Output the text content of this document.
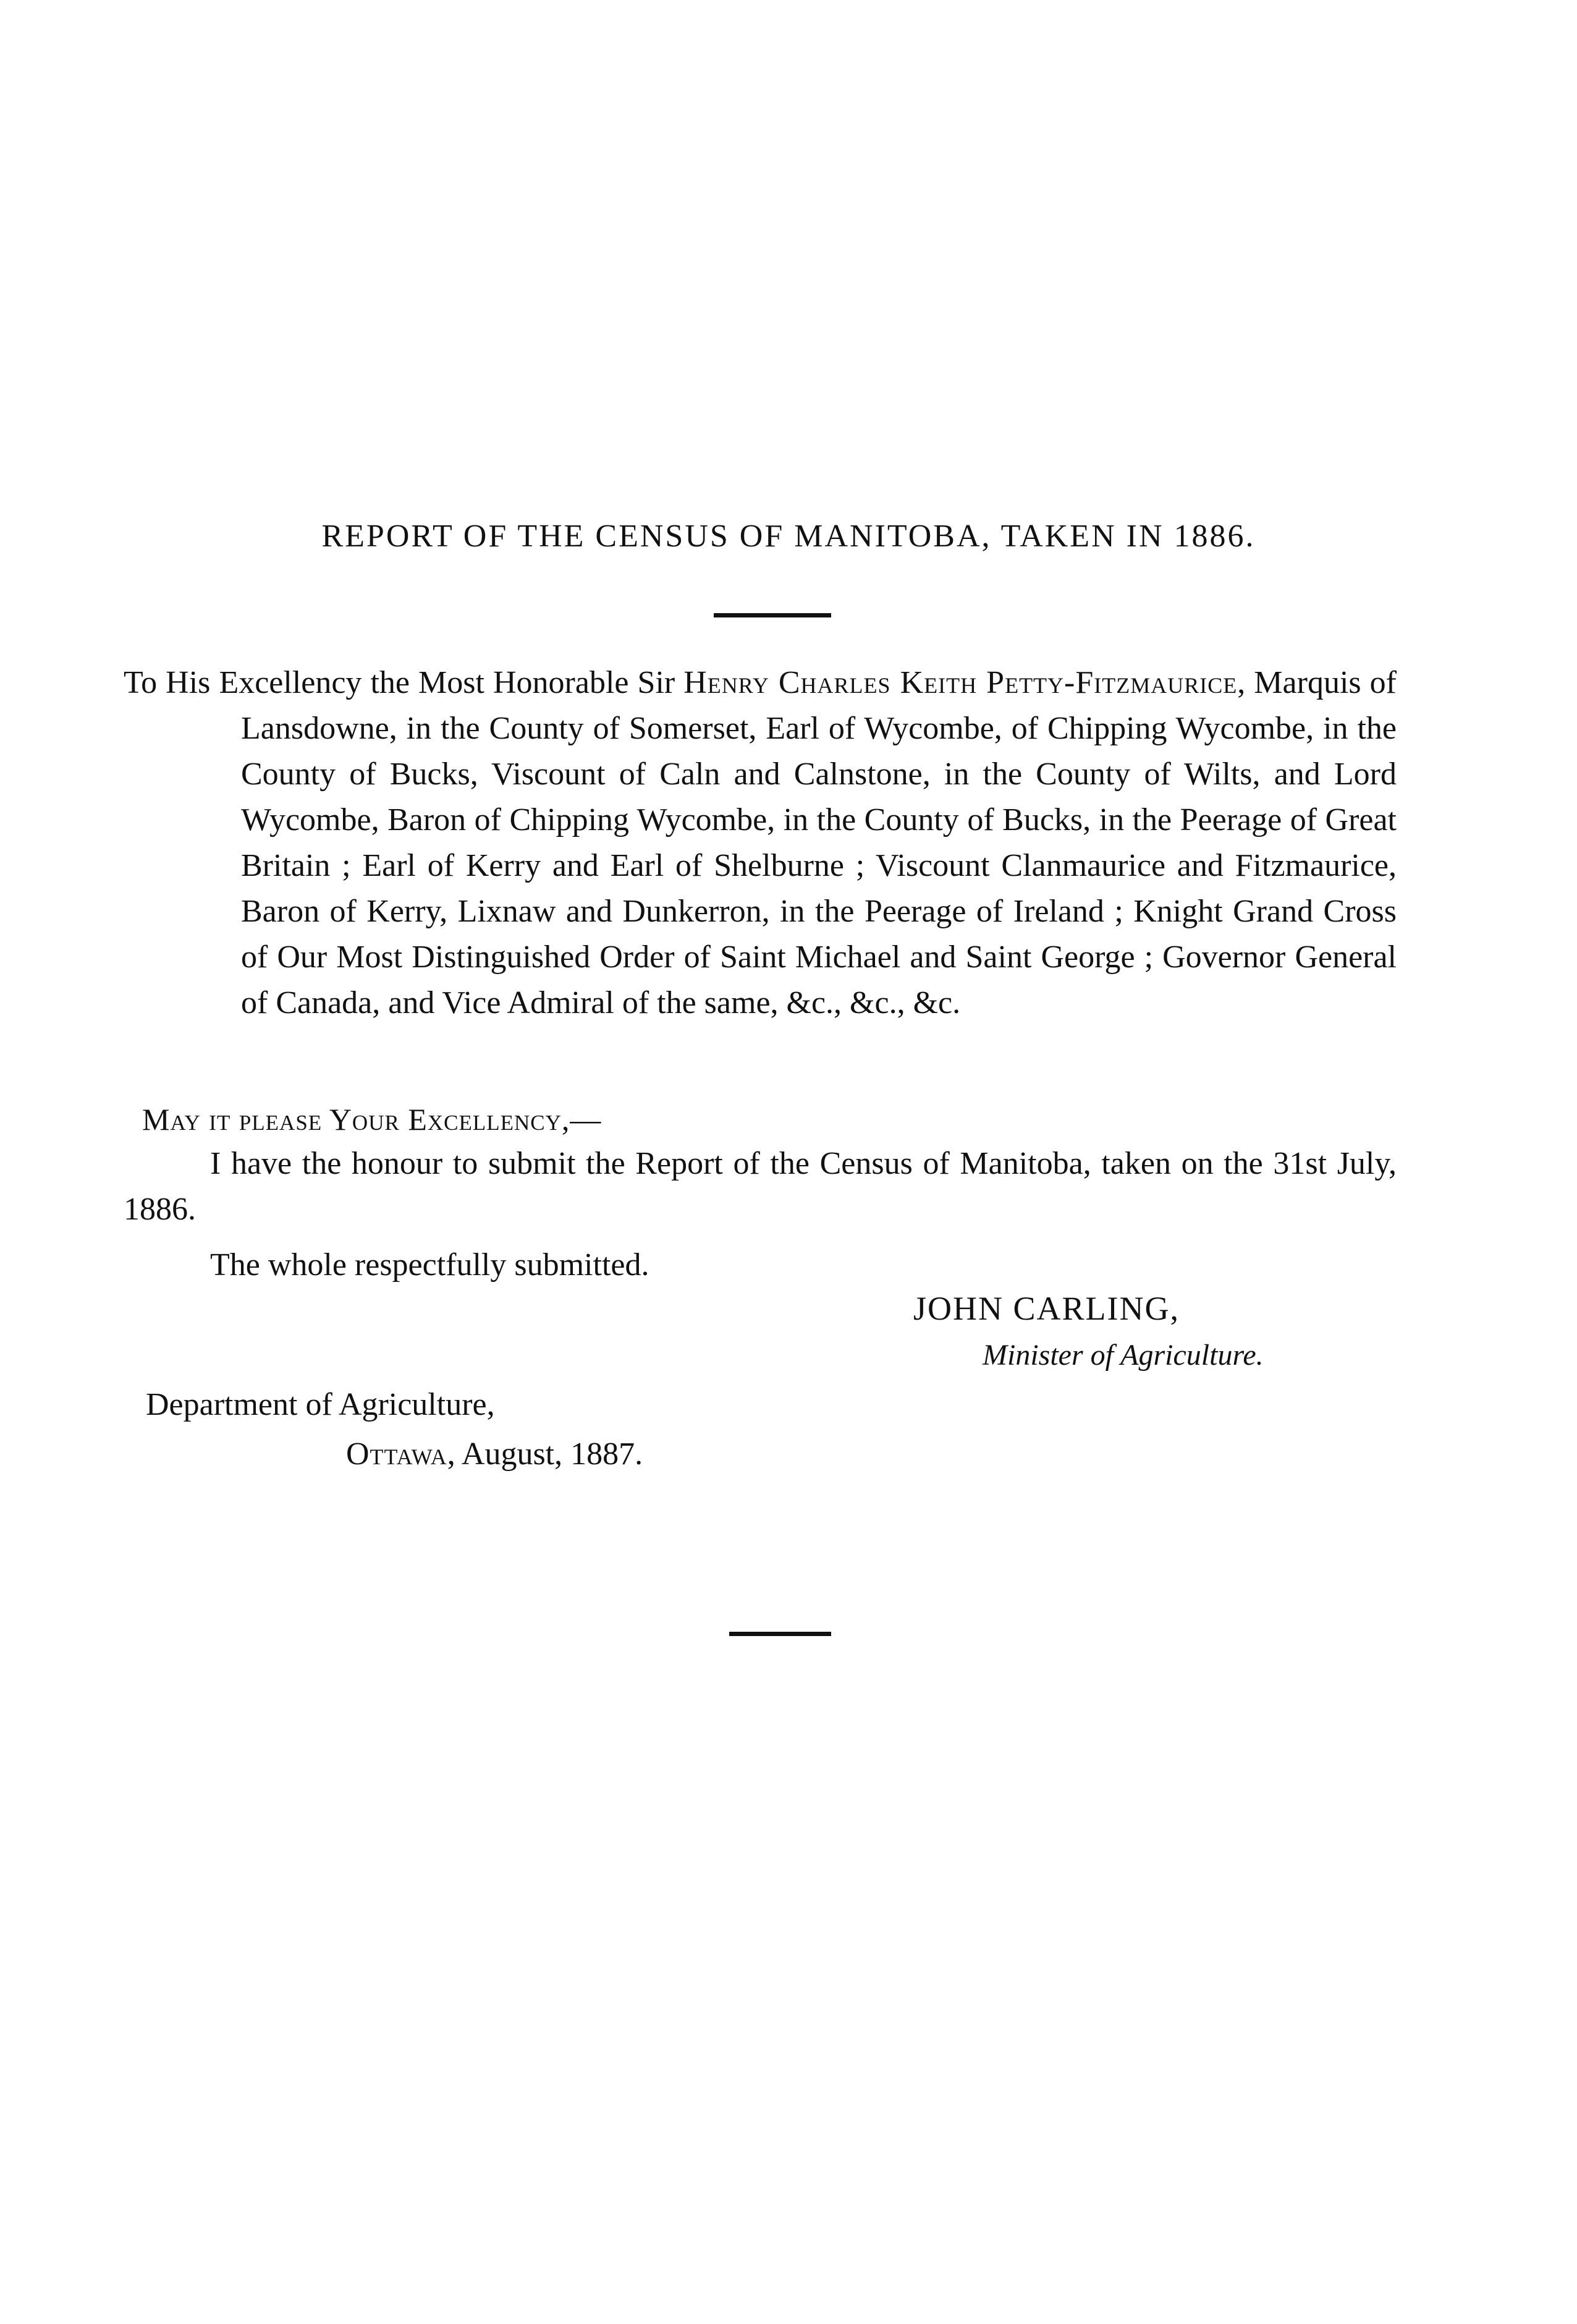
REPORT OF THE CENSUS OF MANITOBA, TAKEN IN 1886.
To His Excellency the Most Honorable Sir Henry Charles Keith Petty-Fitzmaurice, Marquis of Lansdowne, in the County of Somerset, Earl of Wycombe, of Chipping Wycombe, in the County of Bucks, Viscount of Caln and Calnstone, in the County of Wilts, and Lord Wycombe, Baron of Chipping Wycombe, in the County of Bucks, in the Peerage of Great Britain ; Earl of Kerry and Earl of Shelburne ; Viscount Clanmaurice and Fitzmaurice, Baron of Kerry, Lixnaw and Dunkerron, in the Peerage of Ireland ; Knight Grand Cross of Our Most Distinguished Order of Saint Michael and Saint George ; Governor General of Canada, and Vice Admiral of the same, &c., &c., &c.
May it please Your Excellency,—
I have the honour to submit the Report of the Census of Manitoba, taken on the 31st July, 1886.
The whole respectfully submitted.
JOHN CARLING,
Minister of Agriculture.
Department of Agriculture,
Ottawa, August, 1887.
